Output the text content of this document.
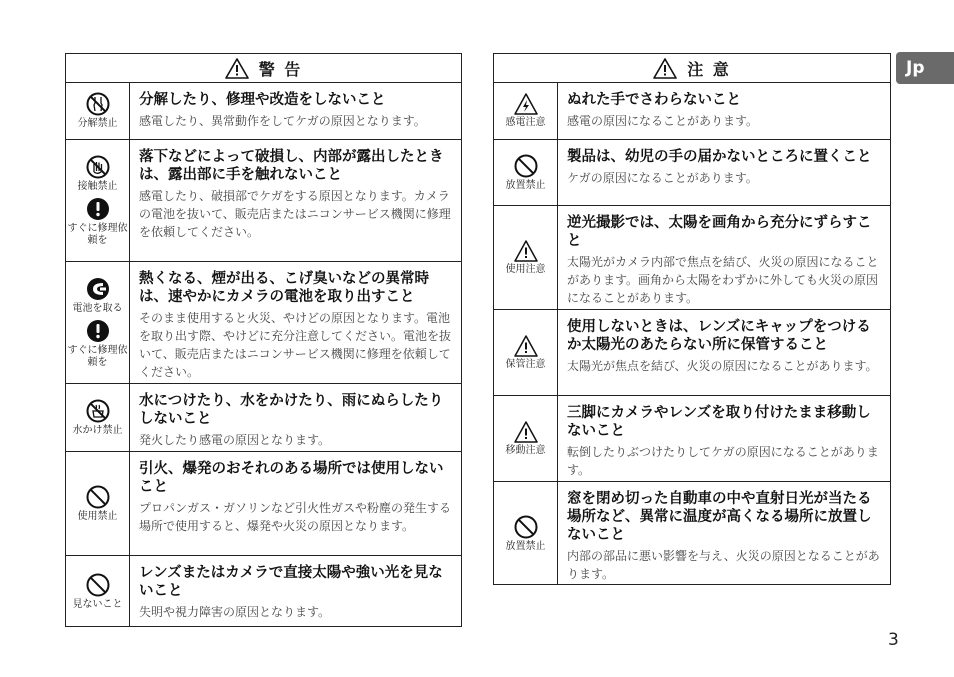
警 告
分解禁止

分解したり、修理や改造をしないこと

感電したり、異常動作をしてケガの原因となります。

接触禁止
すぐに修理依頼を

落下などによって破損し、内部が露出したときは、露出部に手を触れないこと

感電したり、破損部でケガをする原因となります。カメラの電池を抜いて、販売店またはニコンサービス機関に修理を依頼してください。

電池を取る
すぐに修理依頼を

熱くなる、煙が出る、こげ臭いなどの異常時は、速やかにカメラの電池を取り出すこと

そのまま使用すると火災、やけどの原因となります。電池を取り出す際、やけどに充分注意してください。電池を抜いて、販売店またはニコンサービス機関に修理を依頼してください。

水かけ禁止

水につけたり、水をかけたり、雨にぬらしたりしないこと

発火したり感電の原因となります。

使用禁止

引火、爆発のおそれのある場所では使用しないこと

プロパンガス・ガソリンなど引火性ガスや粉塵の発生する場所で使用すると、爆発や火災の原因となります。

見ないこと

レンズまたはカメラで直接太陽や強い光を見ないこと

失明や視力障害の原因となります。

注 意
感電注意

ぬれた手でさわらないこと

感電の原因になることがあります。

放置禁止

製品は、幼児の手の届かないところに置くこと

ケガの原因になることがあります。

使用注意

逆光撮影では、太陽を画角から充分にずらすこと

太陽光がカメラ内部で焦点を結び、火災の原因になることがあります。画角から太陽をわずかに外しても火災の原因になることがあります。

保管注意

使用しないときは、レンズにキャップをつけるか太陽光のあたらない所に保管すること

太陽光が焦点を結び、火災の原因になることがあります。

移動注意

三脚にカメラやレンズを取り付けたまま移動しないこと

転倒したりぶつけたりしてケガの原因になることがあります。

放置禁止

窓を閉め切った自動車の中や直射日光が当たる場所など、異常に温度が高くなる場所に放置しないこと

内部の部品に悪い影響を与え、火災の原因となることがあります。

Jp
3
